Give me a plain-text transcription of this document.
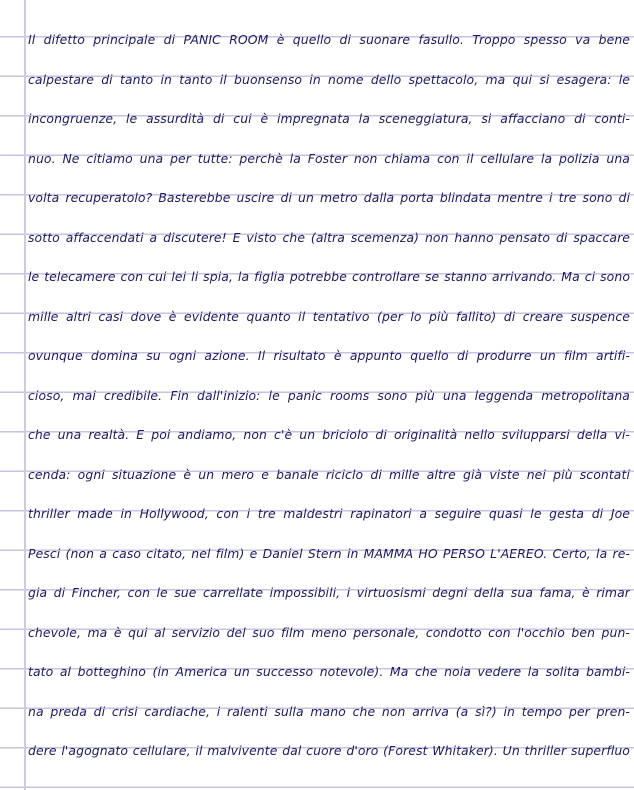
Il difetto principale di PANIC ROOM è quello di suonare fasullo. Troppo spesso va bene
calpestare di tanto in tanto il buonsenso in nome dello spettacolo, ma qui si esagera: le
incongruenze, le assurdità di cui è impregnata la sceneggiatura, si affacciano di conti-
nuo. Ne citiamo una per tutte: perchè la Foster non chiama con il cellulare la polizia una
volta recuperatolo? Basterebbe uscire di un metro dalla porta blindata mentre i tre sono di
sotto affaccendati a discutere! E visto che (altra scemenza) non hanno pensato di spaccare
le telecamere con cui lei li spia, la figlia potrebbe controllare se stanno arrivando. Ma ci sono
mille altri casi dove è evidente quanto il tentativo (per lo più fallito) di creare suspence
ovunque domina su ogni azione. Il risultato è appunto quello di produrre un film artifi-
cioso, mai credibile. Fin dall'inizio: le panic rooms sono più una leggenda metropolitana
che una realtà. E poi andiamo, non c'è un briciolo di originalità nello svilupparsi della vi-
cenda: ogni situazione è un mero e banale riciclo di mille altre già viste nei più scontati
thriller made in Hollywood, con i tre maldestri rapinatori a seguire quasi le gesta di Joe
Pesci (non a caso citato, nel film) e Daniel Stern in MAMMA HO PERSO L'AEREO. Certo, la re-
gia di Fincher, con le sue carrellate impossibili, i virtuosismi degni della sua fama, è rimar
chevole, ma è qui al servizio del suo film meno personale, condotto con l'occhio ben pun-
tato al botteghino (in America un successo notevole). Ma che noia vedere la solita bambi-
na preda di crisi cardiache, i ralenti sulla mano che non arriva (a sì?) in tempo per pren-
dere l'agognato cellulare, il malvivente dal cuore d'oro (Forest Whitaker). Un thriller superfluo
